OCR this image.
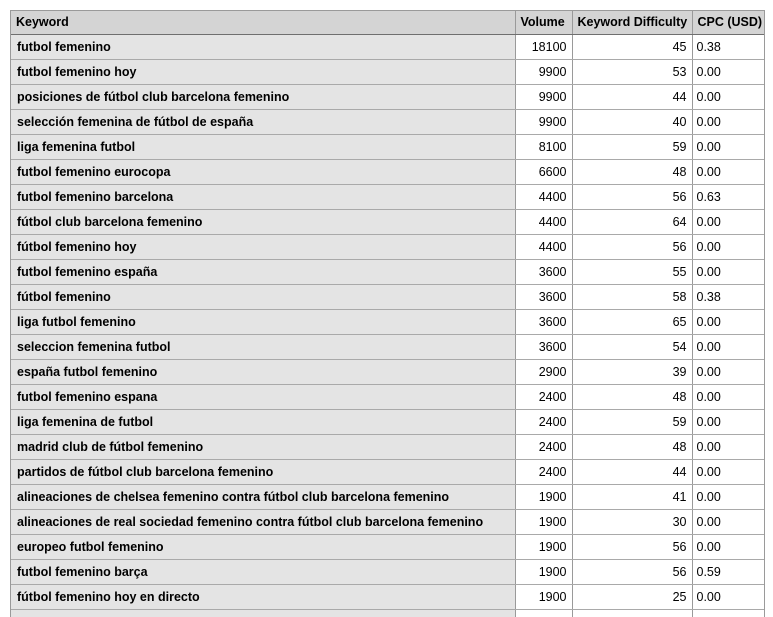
Keyword	Volume	Keyword Difficulty	CPC (USD)
futbol femenino	18100	45	0.38
futbol femenino hoy	9900	53	0.00
posiciones de fútbol club barcelona femenino	9900	44	0.00
selección femenina de fútbol de españa	9900	40	0.00
liga femenina futbol	8100	59	0.00
futbol femenino eurocopa	6600	48	0.00
futbol femenino barcelona	4400	56	0.63
fútbol club barcelona femenino	4400	64	0.00
fútbol femenino hoy	4400	56	0.00
futbol femenino españa	3600	55	0.00
fútbol femenino	3600	58	0.38
liga futbol femenino	3600	65	0.00
seleccion femenina futbol	3600	54	0.00
españa futbol femenino	2900	39	0.00
futbol femenino espana	2400	48	0.00
liga femenina de futbol	2400	59	0.00
madrid club de fútbol femenino	2400	48	0.00
partidos de fútbol club barcelona femenino	2400	44	0.00
alineaciones de chelsea femenino contra fútbol club barcelona femenino	1900	41	0.00
alineaciones de real sociedad femenino contra fútbol club barcelona femenino	1900	30	0.00
europeo futbol femenino	1900	56	0.00
futbol femenino barça	1900	56	0.59
fútbol femenino hoy en directo	1900	25	0.00
